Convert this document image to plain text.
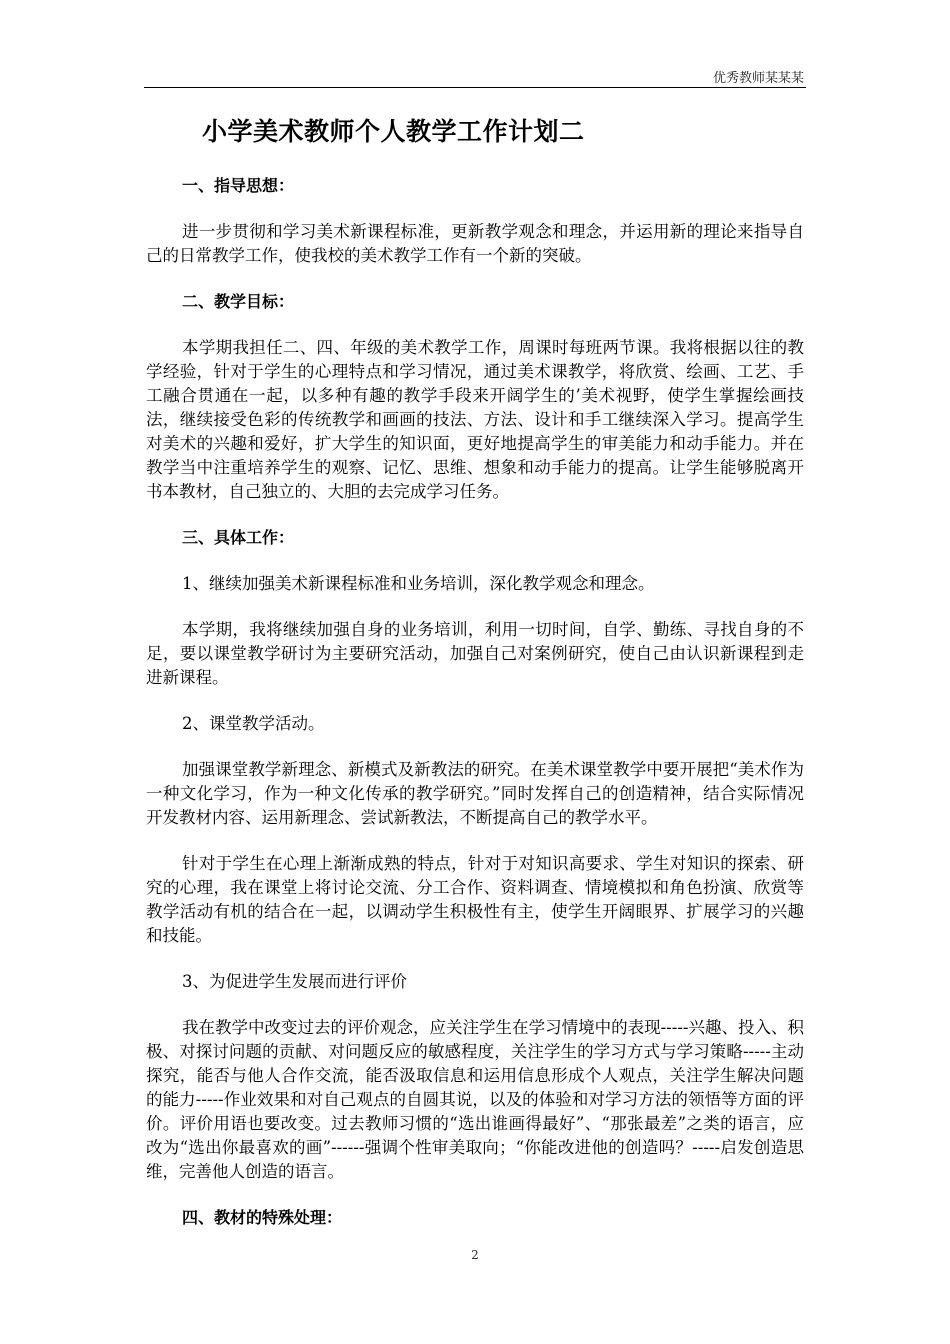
优秀教师某某某
小学美术教师个人教学工作计划二

一、指导思想：

进一步贯彻和学习美术新课程标准，更新教学观念和理念，并运用新的理论来指导自己的日常教学工作，使我校的美术教学工作有一个新的突破。

二、教学目标：

本学期我担任二、四、年级的美术教学工作，周课时每班两节课。我将根据以往的教学经验，针对于学生的心理特点和学习情况，通过美术课教学，将欣赏、绘画、工艺、手工融合贯通在一起，以多种有趣的教学手段来开阔学生的’美术视野，使学生掌握绘画技法，继续接受色彩的传统教学和画画的技法、方法、设计和手工继续深入学习。提高学生对美术的兴趣和爱好，扩大学生的知识面，更好地提高学生的审美能力和动手能力。并在教学当中注重培养学生的观察、记忆、思维、想象和动手能力的提高。让学生能够脱离开书本教材，自己独立的、大胆的去完成学习任务。

三、具体工作：

1、继续加强美术新课程标准和业务培训，深化教学观念和理念。

本学期，我将继续加强自身的业务培训，利用一切时间，自学、勤练、寻找自身的不足，要以课堂教学研讨为主要研究活动，加强自己对案例研究，使自己由认识新课程到走进新课程。

2、课堂教学活动。

加强课堂教学新理念、新模式及新教法的研究。在美术课堂教学中要开展把“美术作为一种文化学习，作为一种文化传承的教学研究。”同时发挥自己的创造精神，结合实际情况开发教材内容、运用新理念、尝试新教法，不断提高自己的教学水平。

针对于学生在心理上渐渐成熟的特点，针对于对知识高要求、学生对知识的探索、研究的心理，我在课堂上将讨论交流、分工合作、资料调查、情境模拟和角色扮演、欣赏等教学活动有机的结合在一起，以调动学生积极性有主，使学生开阔眼界、扩展学习的兴趣和技能。

3、为促进学生发展而进行评价

我在教学中改变过去的评价观念，应关注学生在学习情境中的表现-----兴趣、投入、积极、对探讨问题的贡献、对问题反应的敏感程度，关注学生的学习方式与学习策略-----主动探究，能否与他人合作交流，能否汲取信息和运用信息形成个人观点，关注学生解决问题的能力-----作业效果和对自己观点的自圆其说，以及的体验和对学习方法的领悟等方面的评价。评价用语也要改变。过去教师习惯的“选出谁画得最好”、“那张最差”之类的语言，应改为“选出你最喜欢的画”------强调个性审美取向；“你能改进他的创造吗？-----启发创造思维，完善他人创造的语言。

四、教材的特殊处理：

2
